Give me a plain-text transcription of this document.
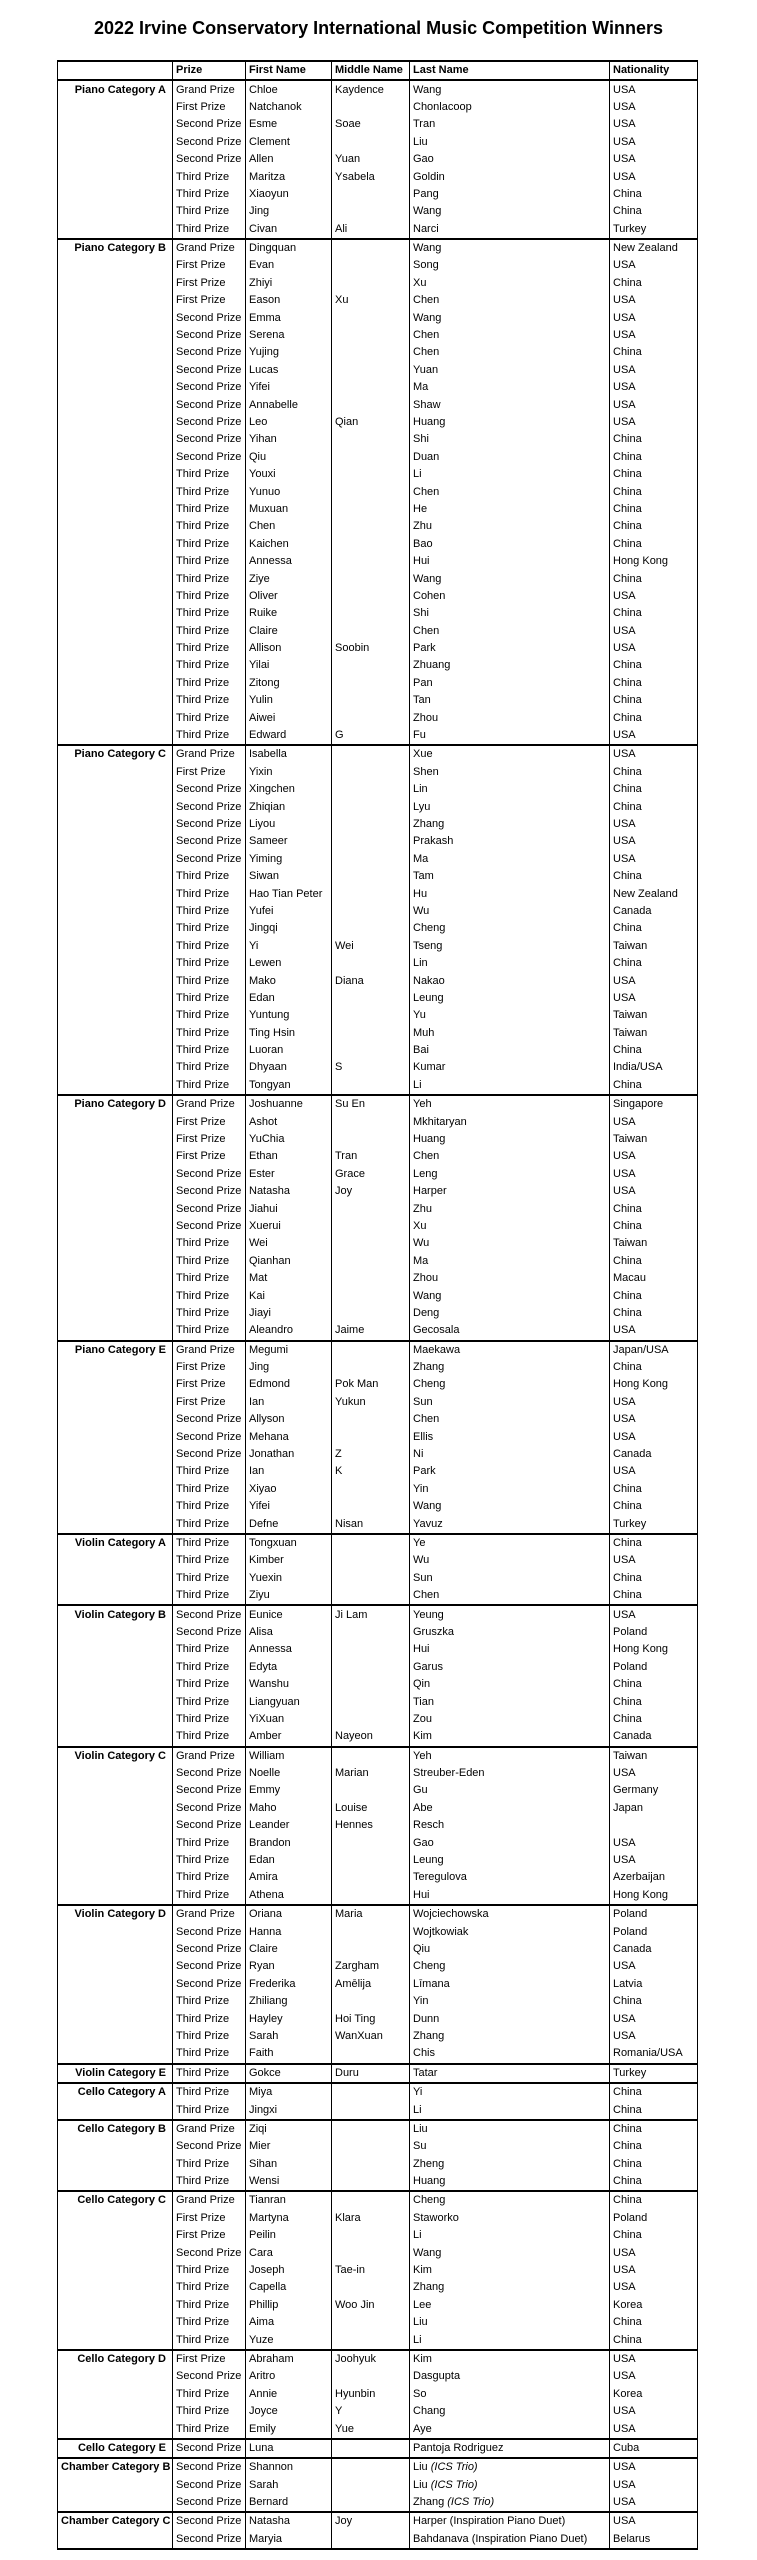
2022 Irvine Conservatory International Music Competition Winners
	Prize	First Name	Middle Name	Last Name	Nationality
Piano Category A	Grand Prize	Chloe	Kaydence	Wang	USA
	First Prize	Natchanok		Chonlacoop	USA
	Second Prize	Esme	Soae	Tran	USA
	Second Prize	Clement		Liu	USA
	Second Prize	Allen	Yuan	Gao	USA
	Third Prize	Maritza	Ysabela	Goldin	USA
	Third Prize	Xiaoyun		Pang	China
	Third Prize	Jing		Wang	China
	Third Prize	Civan	Ali	Narci	Turkey
Piano Category B	Grand Prize	Dingquan		Wang	New Zealand
	First Prize	Evan		Song	USA
	First Prize	Zhiyi		Xu	China
	First Prize	Eason	Xu	Chen	USA
	Second Prize	Emma		Wang	USA
	Second Prize	Serena		Chen	USA
	Second Prize	Yujing		Chen	China
	Second Prize	Lucas		Yuan	USA
	Second Prize	Yifei		Ma	USA
	Second Prize	Annabelle		Shaw	USA
	Second Prize	Leo	Qian	Huang	USA
	Second Prize	Yihan		Shi	China
	Second Prize	Qiu		Duan	China
	Third Prize	Youxi		Li	China
	Third Prize	Yunuo		Chen	China
	Third Prize	Muxuan		He	China
	Third Prize	Chen		Zhu	China
	Third Prize	Kaichen		Bao	China
	Third Prize	Annessa		Hui	Hong Kong
	Third Prize	Ziye		Wang	China
	Third Prize	Oliver		Cohen	USA
	Third Prize	Ruike		Shi	China
	Third Prize	Claire		Chen	USA
	Third Prize	Allison	Soobin	Park	USA
	Third Prize	Yilai		Zhuang	China
	Third Prize	Zitong		Pan	China
	Third Prize	Yulin		Tan	China
	Third Prize	Aiwei		Zhou	China
	Third Prize	Edward	G	Fu	USA
Piano Category C	Grand Prize	Isabella		Xue	USA
	First Prize	Yixin		Shen	China
	Second Prize	Xingchen		Lin	China
	Second Prize	Zhiqian		Lyu	China
	Second Prize	Liyou		Zhang	USA
	Second Prize	Sameer		Prakash	USA
	Second Prize	Yiming		Ma	USA
	Third Prize	Siwan		Tam	China
	Third Prize	Hao Tian Peter		Hu	New Zealand
	Third Prize	Yufei		Wu	Canada
	Third Prize	Jingqi		Cheng	China
	Third Prize	Yi	Wei	Tseng	Taiwan
	Third Prize	Lewen		Lin	China
	Third Prize	Mako	Diana	Nakao	USA
	Third Prize	Edan		Leung	USA
	Third Prize	Yuntung		Yu	Taiwan
	Third Prize	Ting Hsin		Muh	Taiwan
	Third Prize	Luoran		Bai	China
	Third Prize	Dhyaan	S	Kumar	India/USA
	Third Prize	Tongyan		Li	China
Piano Category D	Grand Prize	Joshuanne	Su En	Yeh	Singapore
	First Prize	Ashot		Mkhitaryan	USA
	First Prize	YuChia		Huang	Taiwan
	First Prize	Ethan	Tran	Chen	USA
	Second Prize	Ester	Grace	Leng	USA
	Second Prize	Natasha	Joy	Harper	USA
	Second Prize	Jiahui		Zhu	China
	Second Prize	Xuerui		Xu	China
	Third Prize	Wei		Wu	Taiwan
	Third Prize	Qianhan		Ma	China
	Third Prize	Mat		Zhou	Macau
	Third Prize	Kai		Wang	China
	Third Prize	Jiayi		Deng	China
	Third Prize	Aleandro	Jaime	Gecosala	USA
Piano Category E	Grand Prize	Megumi		Maekawa	Japan/USA
	First Prize	Jing		Zhang	China
	First Prize	Edmond	Pok Man	Cheng	Hong Kong
	First Prize	Ian	Yukun	Sun	USA
	Second Prize	Allyson		Chen	USA
	Second Prize	Mehana		Ellis	USA
	Second Prize	Jonathan	Z	Ni	Canada
	Third Prize	Ian	K	Park	USA
	Third Prize	Xiyao		Yin	China
	Third Prize	Yifei		Wang	China
	Third Prize	Defne	Nisan	Yavuz	Turkey
Violin Category A	Third Prize	Tongxuan		Ye	China
	Third Prize	Kimber		Wu	USA
	Third Prize	Yuexin		Sun	China
	Third Prize	Ziyu		Chen	China
Violin Category B	Second Prize	Eunice	Ji Lam	Yeung	USA
	Second Prize	Alisa		Gruszka	Poland
	Third Prize	Annessa		Hui	Hong Kong
	Third Prize	Edyta		Garus	Poland
	Third Prize	Wanshu		Qin	China
	Third Prize	Liangyuan		Tian	China
	Third Prize	YiXuan		Zou	China
	Third Prize	Amber	Nayeon	Kim	Canada
Violin Category C	Grand Prize	William		Yeh	Taiwan
	Second Prize	Noelle	Marian	Streuber-Eden	USA
	Second Prize	Emmy		Gu	Germany
	Second Prize	Maho	Louise	Abe	Japan
	Second Prize	Leander	Hennes	Resch	
	Third Prize	Brandon		Gao	USA
	Third Prize	Edan		Leung	USA
	Third Prize	Amira		Teregulova	Azerbaijan
	Third Prize	Athena		Hui	Hong Kong
Violin Category D	Grand Prize	Oriana	Maria	Wojciechowska	Poland
	Second Prize	Hanna		Wojtkowiak	Poland
	Second Prize	Claire		Qiu	Canada
	Second Prize	Ryan	Zargham	Cheng	USA
	Second Prize	Frederika	Amēlija	Līmana	Latvia
	Third Prize	Zhiliang		Yin	China
	Third Prize	Hayley	Hoi Ting	Dunn	USA
	Third Prize	Sarah	WanXuan	Zhang	USA
	Third Prize	Faith		Chis	Romania/USA
Violin Category E	Third Prize	Gokce	Duru	Tatar	Turkey
Cello Category A	Third Prize	Miya		Yi	China
	Third Prize	Jingxi		Li	China
Cello Category B	Grand Prize	Ziqi		Liu	China
	Second Prize	Mier		Su	China
	Third Prize	Sihan		Zheng	China
	Third Prize	Wensi		Huang	China
Cello Category C	Grand Prize	Tianran		Cheng	China
	First Prize	Martyna	Klara	Staworko	Poland
	First Prize	Peilin		Li	China
	Second Prize	Cara		Wang	USA
	Third Prize	Joseph	Tae-in	Kim	USA
	Third Prize	Capella		Zhang	USA
	Third Prize	Phillip	Woo Jin	Lee	Korea
	Third Prize	Aima		Liu	China
	Third Prize	Yuze		Li	China
Cello Category D	First Prize	Abraham	Joohyuk	Kim	USA
	Second Prize	Aritro		Dasgupta	USA
	Third Prize	Annie	Hyunbin	So	Korea
	Third Prize	Joyce	Y	Chang	USA
	Third Prize	Emily	Yue	Aye	USA
Cello Category E	Second Prize	Luna		Pantoja Rodriguez	Cuba
Chamber Category B	Second Prize	Shannon		Liu (ICS Trio)	USA
	Second Prize	Sarah		Liu (ICS Trio)	USA
	Second Prize	Bernard		Zhang (ICS Trio)	USA
Chamber Category C	Second Prize	Natasha	Joy	Harper (Inspiration Piano Duet)	USA
	Second Prize	Maryia		Bahdanava (Inspiration Piano Duet)	Belarus
